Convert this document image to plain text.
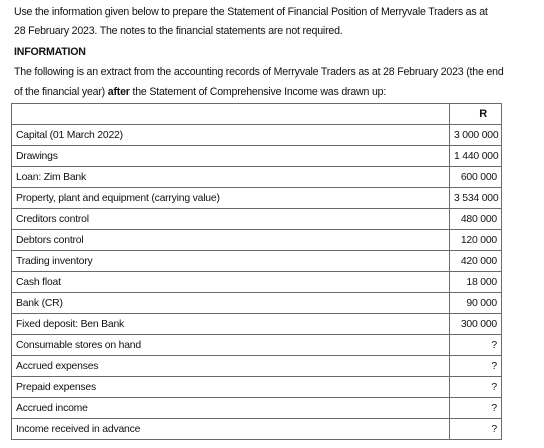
Use the information given below to prepare the Statement of Financial Position of Merryvale Traders as at
28 February 2023. The notes to the financial statements are not required.
INFORMATION
The following is an extract from the accounting records of Merryvale Traders as at 28 February 2023 (the end
of the financial year) after the Statement of Comprehensive Income was drawn up:
	R
Capital (01 March 2022)	3 000 000
Drawings	1 440 000
Loan: Zim Bank	600 000
Property, plant and equipment (carrying value)	3 534 000
Creditors control	480 000
Debtors control	120 000
Trading inventory	420 000
Cash float	18 000
Bank (CR)	90 000
Fixed deposit: Ben Bank	300 000
Consumable stores on hand	?
Accrued expenses	?
Prepaid expenses	?
Accrued income	?
Income received in advance	?
